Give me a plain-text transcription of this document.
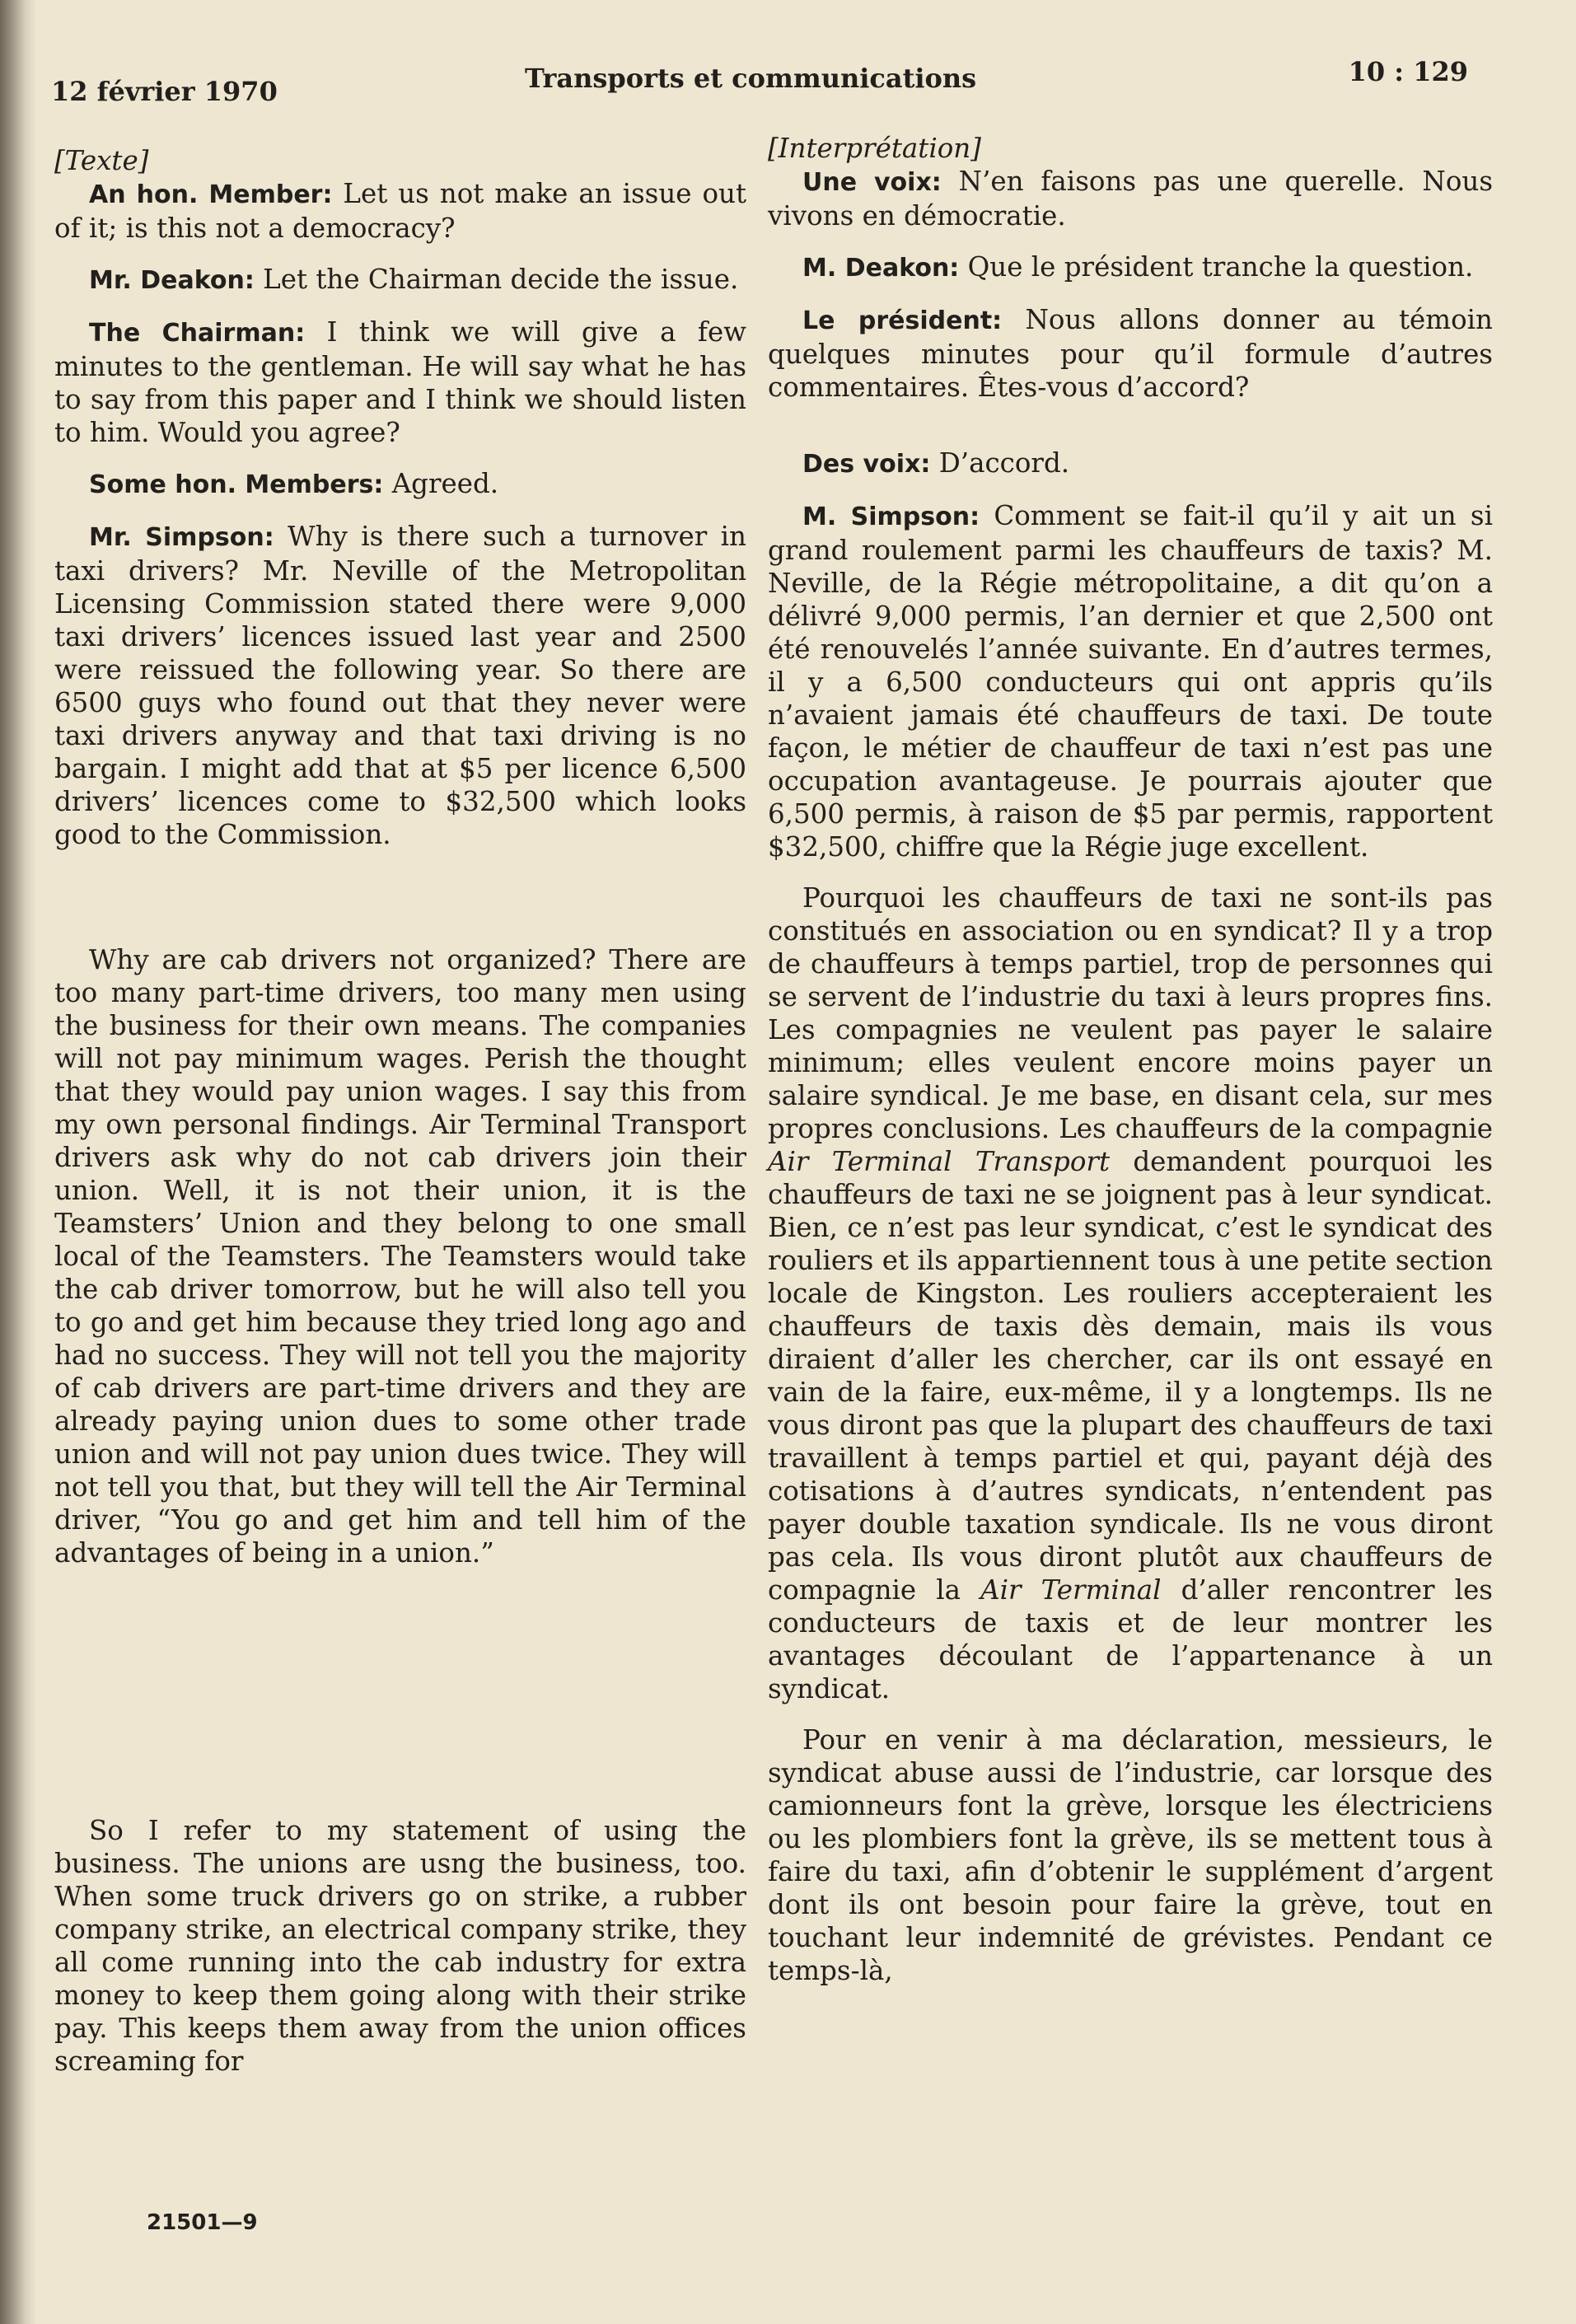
12 février 1970	Transports et communications	10 : 129

[Texte]

An hon. Member: Let us not make an issue out of it; is this not a democracy?

Mr. Deakon: Let the Chairman decide the issue.

The Chairman: I think we will give a few minutes to the gentleman. He will say what he has to say from this paper and I think we should listen to him. Would you agree?

Some hon. Members: Agreed.

Mr. Simpson: Why is there such a turnover in taxi drivers? Mr. Neville of the Metropolitan Licensing Commission stated there were 9,000 taxi drivers’ licences issued last year and 2500 were reissued the following year. So there are 6500 guys who found out that they never were taxi drivers anyway and that taxi driving is no bargain. I might add that at $5 per licence 6,500 drivers’ licences come to $32,500 which looks good to the Commission.

Why are cab drivers not organized? There are too many part-time drivers, too many men using the business for their own means. The companies will not pay minimum wages. Perish the thought that they would pay union wages. I say this from my own personal findings. Air Terminal Transport drivers ask why do not cab drivers join their union. Well, it is not their union, it is the Teamsters’ Union and they belong to one small local of the Teamsters. The Teamsters would take the cab driver tomorrow, but he will also tell you to go and get him because they tried long ago and had no success. They will not tell you the majority of cab drivers are part-time drivers and they are already paying union dues to some other trade union and will not pay union dues twice. They will not tell you that, but they will tell the Air Terminal driver, “You go and get him and tell him of the advantages of being in a union.”

So I refer to my statement of using the business. The unions are usng the business, too. When some truck drivers go on strike, a rubber company strike, an electrical company strike, they all come running into the cab industry for extra money to keep them going along with their strike pay. This keeps them away from the union offices screaming for

[Interprétation]

Une voix: N’en faisons pas une querelle. Nous vivons en démocratie.

M. Deakon: Que le président tranche la question.

Le président: Nous allons donner au témoin quelques minutes pour qu’il formule d’autres commentaires. Êtes-vous d’accord?

Des voix: D’accord.

M. Simpson: Comment se fait-il qu’il y ait un si grand roulement parmi les chauffeurs de taxis? M. Neville, de la Régie métropolitaine, a dit qu’on a délivré 9,000 permis, l’an dernier et que 2,500 ont été renouvelés l’année suivante. En d’autres termes, il y a 6,500 conducteurs qui ont appris qu’ils n’avaient jamais été chauffeurs de taxi. De toute façon, le métier de chauffeur de taxi n’est pas une occupation avantageuse. Je pourrais ajouter que 6,500 permis, à raison de $5 par permis, rapportent $32,500, chiffre que la Régie juge excellent.

Pourquoi les chauffeurs de taxi ne sont-ils pas constitués en association ou en syndicat? Il y a trop de chauffeurs à temps partiel, trop de personnes qui se servent de l’industrie du taxi à leurs propres fins. Les compagnies ne veulent pas payer le salaire minimum; elles veulent encore moins payer un salaire syndical. Je me base, en disant cela, sur mes propres conclusions. Les chauffeurs de la compagnie Air Terminal Transport demandent pourquoi les chauffeurs de taxi ne se joignent pas à leur syndicat. Bien, ce n’est pas leur syndicat, c’est le syndicat des rouliers et ils appartiennent tous à une petite section locale de Kingston. Les rouliers accepteraient les chauffeurs de taxis dès demain, mais ils vous diraient d’aller les chercher, car ils ont essayé en vain de la faire, eux-même, il y a longtemps. Ils ne vous diront pas que la plupart des chauffeurs de taxi travaillent à temps partiel et qui, payant déjà des cotisations à d’autres syndicats, n’entendent pas payer double taxation syndicale. Ils ne vous diront pas cela. Ils vous diront plutôt aux chauffeurs de compagnie la Air Terminal d’aller rencontrer les conducteurs de taxis et de leur montrer les avantages découlant de l’appartenance à un syndicat.

Pour en venir à ma déclaration, messieurs, le syndicat abuse aussi de l’industrie, car lorsque des camionneurs font la grève, lorsque les électriciens ou les plombiers font la grève, ils se mettent tous à faire du taxi, afin d’obtenir le supplément d’argent dont ils ont besoin pour faire la grève, tout en touchant leur indemnité de grévistes. Pendant ce temps-là,

21501—9
